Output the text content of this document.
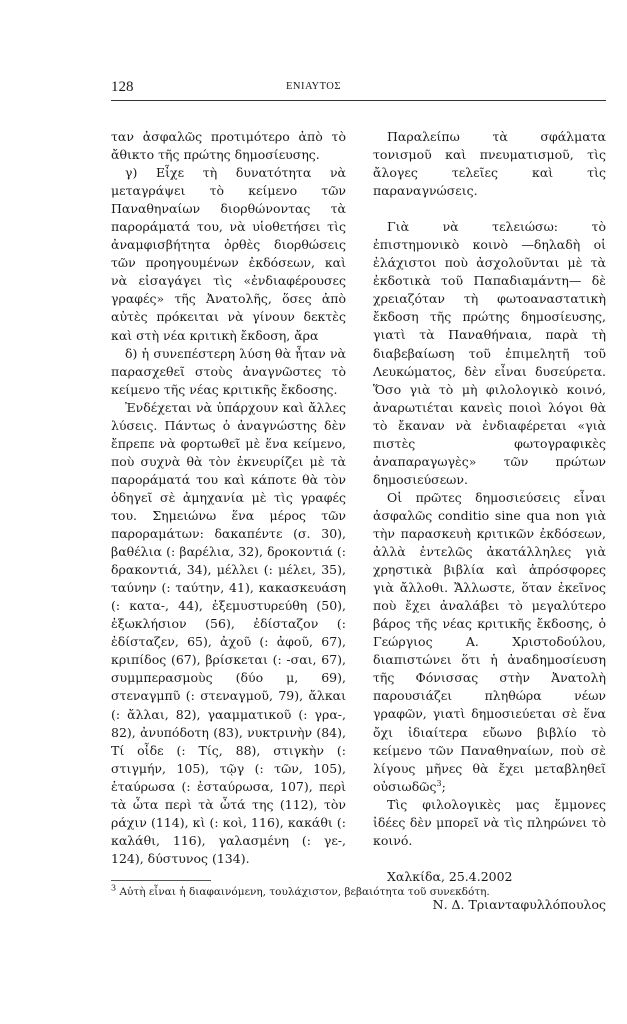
128	ΕΝΙΑΥΤΟΣ

ταν ἀσφαλῶς προτιμότερο ἀπὸ τὸ ἄθικτο τῆς πρώτης δημοσίευσης.

γ) Εἶχε τὴ δυνατότητα νὰ μεταγράψει τὸ κείμενο τῶν Παναθηναίων διορθώνοντας τὰ παροράματά του, νὰ υἱοθετήσει τὶς ἀναμφισβήτητα ὀρθὲς διορθώσεις τῶν προηγουμένων ἐκδόσεων, καὶ νὰ εἰσαγάγει τὶς «ἐνδιαφέρουσες γραφές» τῆς Ἀνατολῆς, ὅσες ἀπὸ αὐτὲς πρόκειται νὰ γίνουν δεκτὲς καὶ στὴ νέα κριτικὴ ἔκδοση, ἄρα

δ) ἡ συνεπέστερη λύση θὰ ἦταν νὰ παρασχεθεῖ στοὺς ἀναγνῶστες τὸ κείμενο τῆς νέας κριτικῆς ἔκδοσης.

Ἐνδέχεται νὰ ὑπάρχουν καὶ ἄλλες λύσεις. Πάντως ὁ ἀναγνώστης δὲν ἔπρεπε νὰ φορτωθεῖ μὲ ἕνα κείμενο, ποὺ συχνὰ θὰ τὸν ἐκνευρίζει μὲ τὰ παροράματά του καὶ κάποτε θὰ τὸν ὁδηγεῖ σὲ ἀμηχανία μὲ τὶς γραφές του. Σημειώνω ἕνα μέρος τῶν παροραμάτων: δακαπέντε (σ. 30), βαθέλια (: βαρέλια, 32), δροκοντιά (: δρακοντιά, 34), μέλλει (: μέλει, 35), ταύνην (: ταύτην, 41), κακασκευάση (: κατα-, 44), ἐξεμυστυρεύθη (50), ἐξωκλήσιον (56), ἐδίσταζον (: ἐδίσταζεν, 65), ἀχοῦ (: ἀφοῦ, 67), κριπίδος (67), βρίσκεται (: -σαι, 67), συμμπερασμοὺς (δύο μ, 69), στεναγμπῦ (: στεναγμοῦ, 79), ἄλκαι (: ἄλλαι, 82), γααμματικοῦ (: γρα-, 82), ἀνυπόδοτη (83), νυκτρινὴν (84), Τί οἶδε (: Τίς, 88), στιγκὴν (: στιγμήν, 105), τῷγ (: τῶν, 105), ἐταύρωσα (: ἐσταύρωσα, 107), περὶ τὰ ὦτα περὶ τὰ ὦτά της (112), τὸν ράχιν (114), κὶ (: κοὶ, 116), κακάθι (: καλάθι, 116), γαλασμένη (: γε-, 124), δύστυνος (134).

Παραλείπω τὰ σφάλματα τονισμοῦ καὶ πνευματισμοῦ, τὶς ἄλογες τελεῖες καὶ τὶς παραναγνώσεις.

Γιὰ νὰ τελειώσω: τὸ ἐπιστημονικὸ κοινὸ —δηλαδὴ οἱ ἐλάχιστοι ποὺ ἀσχολοῦνται μὲ τὰ ἐκδοτικὰ τοῦ Παπαδιαμάντη— δὲ χρειαζόταν τὴ φωτοαναστατικὴ ἔκδοση τῆς πρώτης δημοσίευσης, γιατὶ τὰ Παναθήναια, παρὰ τὴ διαβεβαίωση τοῦ ἐπιμελητῆ τοῦ Λευκώματος, δὲν εἶναι δυσεύρετα. Ὅσο γιὰ τὸ μὴ φιλολογικὸ κοινό, ἀναρωτιέται κανεὶς ποιοὶ λόγοι θὰ τὸ ἔκαναν νὰ ἐνδιαφέρεται «γιὰ πιστὲς φωτογραφικὲς ἀναπαραγωγὲς» τῶν πρώτων δημοσιεύσεων.

Οἱ πρῶτες δημοσιεύσεις εἶναι ἀσφαλῶς conditio sine qua non γιὰ τὴν παρασκευὴ κριτικῶν ἐκδόσεων, ἀλλὰ ἐντελῶς ἀκατάλληλες γιὰ χρηστικὰ βιβλία καὶ ἀπρόσφορες γιὰ ἄλλοθι. Ἄλλωστε, ὅταν ἐκεῖνος ποὺ ἔχει ἀναλάβει τὸ μεγαλύτερο βάρος τῆς νέας κριτικῆς ἔκδοσης, ὁ Γεώργιος Α. Χριστοδούλου, διαπιστώνει ὅτι ἡ ἀναδημοσίευση τῆς Φόνισσας στὴν Ἀνατολὴ παρουσιάζει πληθώρα νέων γραφῶν, γιατὶ δημοσιεύεται σὲ ἕνα ὄχι ἰδιαίτερα εὔωνο βιβλίο τὸ κείμενο τῶν Παναθηναίων, ποὺ σὲ λίγους μῆνες θὰ ἔχει μεταβληθεῖ οὐσιωδῶς$^3$;

Τὶς φιλολογικὲς μας ἔμμονες ἰδέες δὲν μπορεῖ νὰ τὶς πληρώνει τὸ κοινό.

Χαλκίδα, 25.4.2002

Ν. Δ. Τριανταφυλλόπουλος

$^3$ Αὐτὴ εἶναι ἡ διαφαινόμενη, τουλάχιστον, βεβαιότητα τοῦ συνεκδότη.
